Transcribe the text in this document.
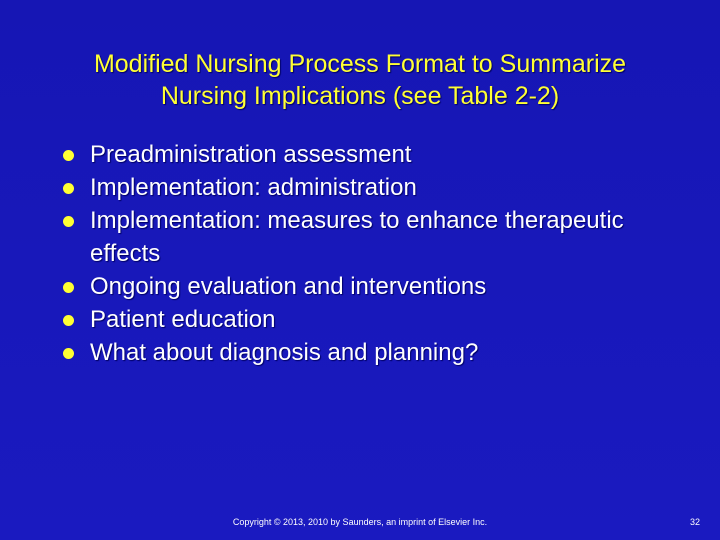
Modified Nursing Process Format to Summarize
Nursing Implications (see Table 2-2)
Preadministration assessment
Implementation: administration
Implementation: measures to enhance therapeutic effects
Ongoing evaluation and interventions
Patient education
What about diagnosis and planning?
Copyright © 2013, 2010 by Saunders, an imprint of Elsevier Inc.	32
